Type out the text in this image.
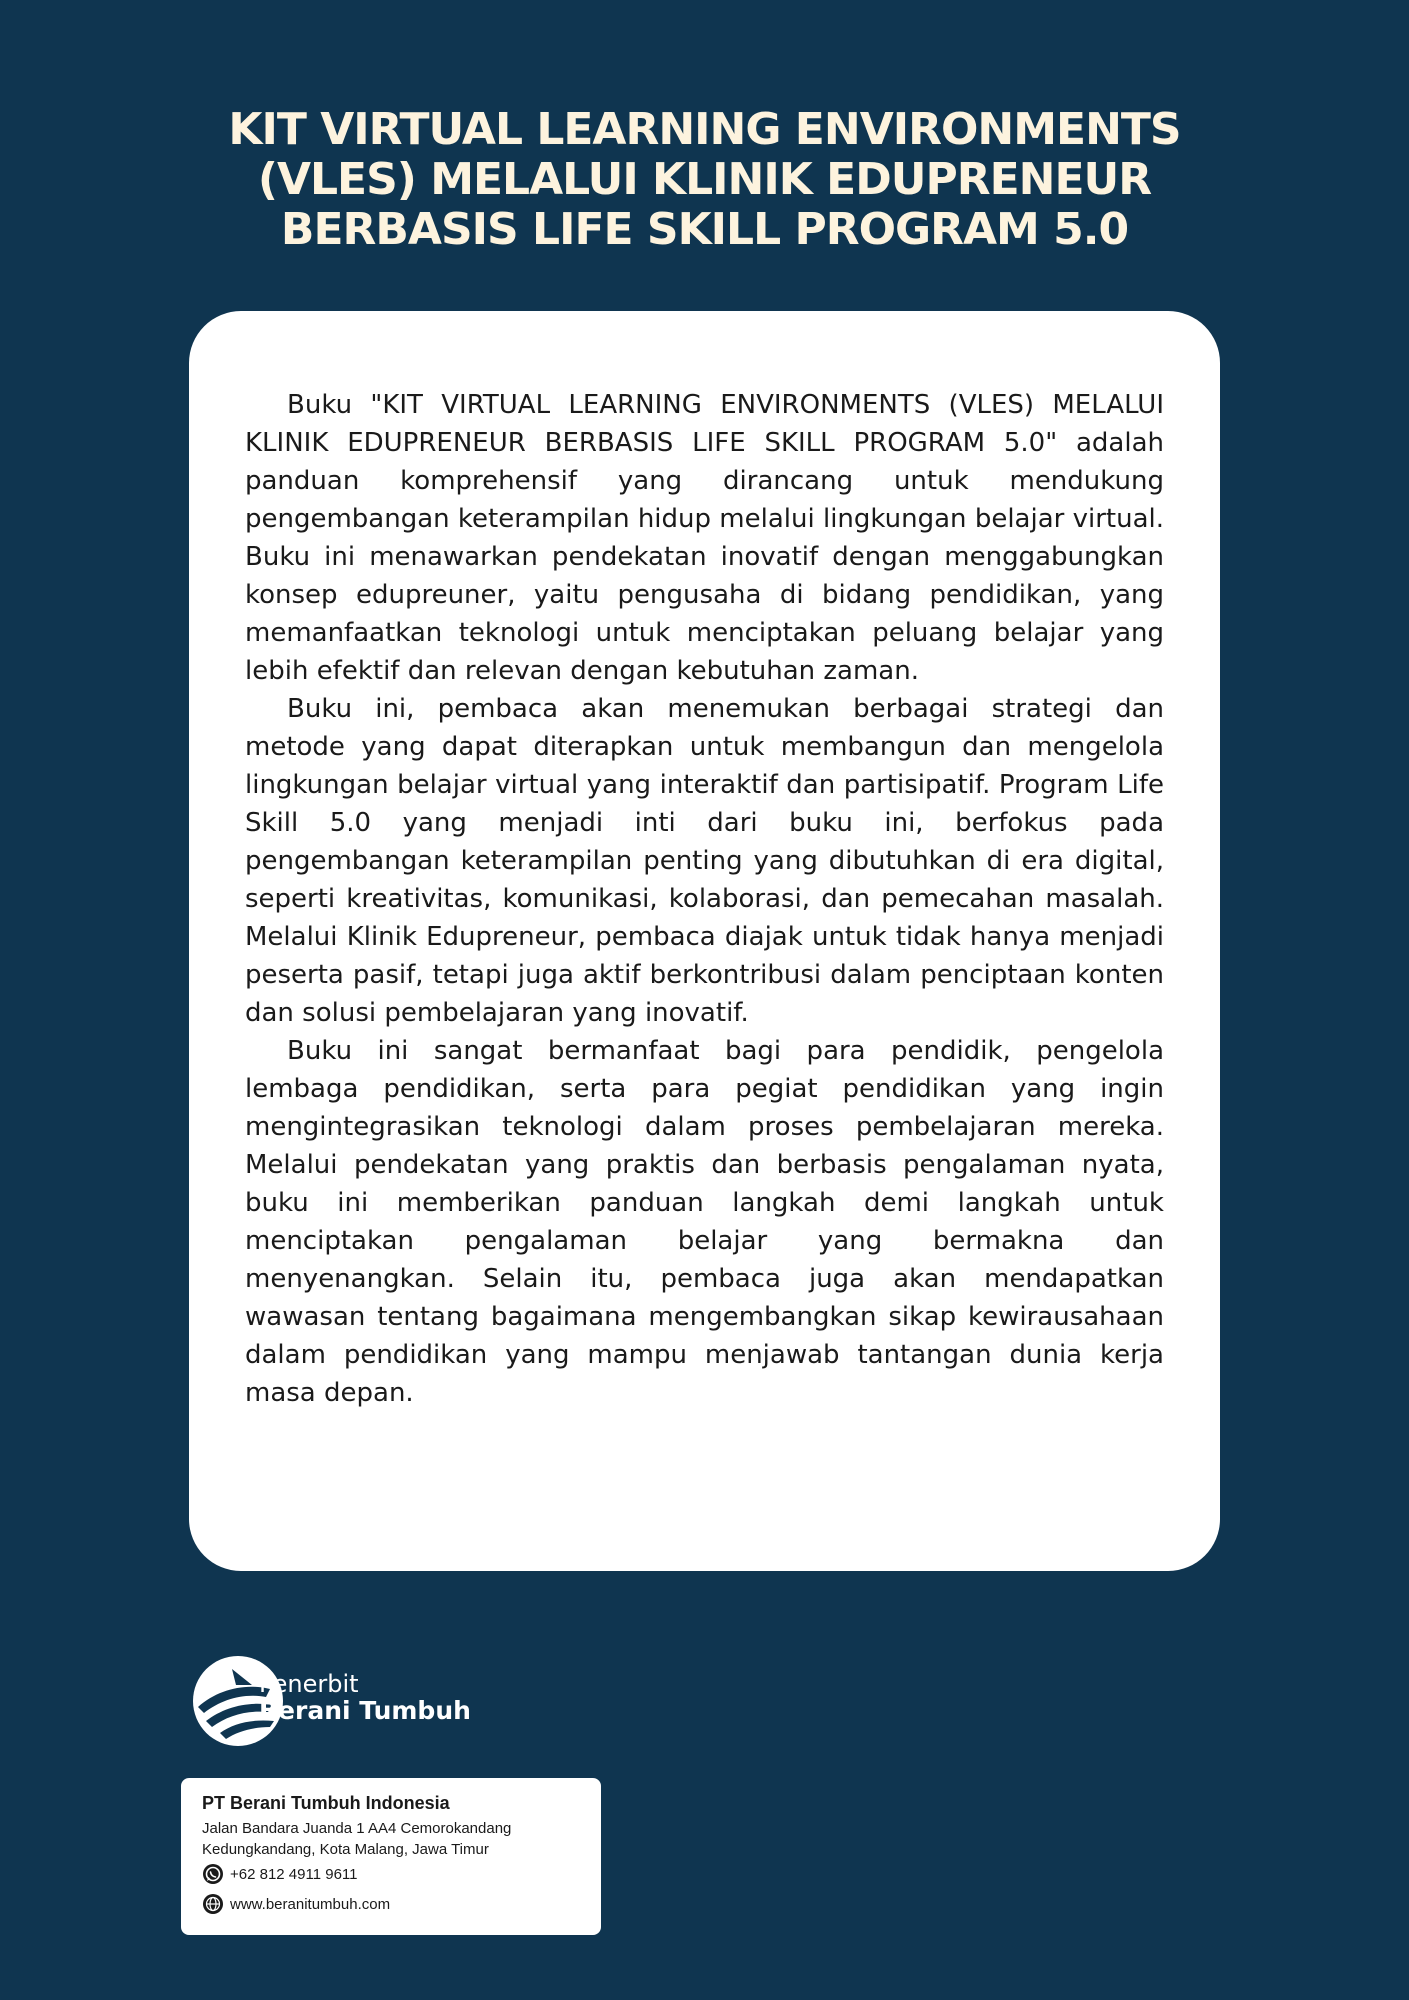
KIT VIRTUAL LEARNING ENVIRONMENTS
(VLES) MELALUI KLINIK EDUPRENEUR
BERBASIS LIFE SKILL PROGRAM 5.0

Buku "KIT VIRTUAL LEARNING ENVIRONMENTS (VLES) MELALUI KLINIK EDUPRENEUR BERBASIS LIFE SKILL PROGRAM 5.0" adalah panduan komprehensif yang dirancang untuk mendukung pengembangan keterampilan hidup melalui lingkungan belajar virtual. Buku ini menawarkan pendekatan inovatif dengan menggabungkan konsep edupreuner, yaitu pengusaha di bidang pendidikan, yang memanfaatkan teknologi untuk menciptakan peluang belajar yang lebih efektif dan relevan dengan kebutuhan zaman.

Buku ini, pembaca akan menemukan berbagai strategi dan metode yang dapat diterapkan untuk membangun dan mengelola lingkungan belajar virtual yang interaktif dan partisipatif. Program Life Skill 5.0 yang menjadi inti dari buku ini, berfokus pada pengembangan keterampilan penting yang dibutuhkan di era digital, seperti kreativitas, komunikasi, kolaborasi, dan pemecahan masalah. Melalui Klinik Edupreneur, pembaca diajak untuk tidak hanya menjadi peserta pasif, tetapi juga aktif berkontribusi dalam penciptaan konten dan solusi pembelajaran yang inovatif.

Buku ini sangat bermanfaat bagi para pendidik, pengelola lembaga pendidikan, serta para pegiat pendidikan yang ingin mengintegrasikan teknologi dalam proses pembelajaran mereka. Melalui pendekatan yang praktis dan berbasis pengalaman nyata, buku ini memberikan panduan langkah demi langkah untuk menciptakan pengalaman belajar yang bermakna dan menyenangkan. Selain itu, pembaca juga akan mendapatkan wawasan tentang bagaimana mengembangkan sikap kewirausahaan dalam pendidikan yang mampu menjawab tantangan dunia kerja masa depan.

Penerbit
Berani Tumbuh
PT Berani Tumbuh Indonesia
Jalan Bandara Juanda 1 AA4 Cemorokandang
Kedungkandang, Kota Malang, Jawa Timur
+62 812 4911 9611
www.beranitumbuh.com
